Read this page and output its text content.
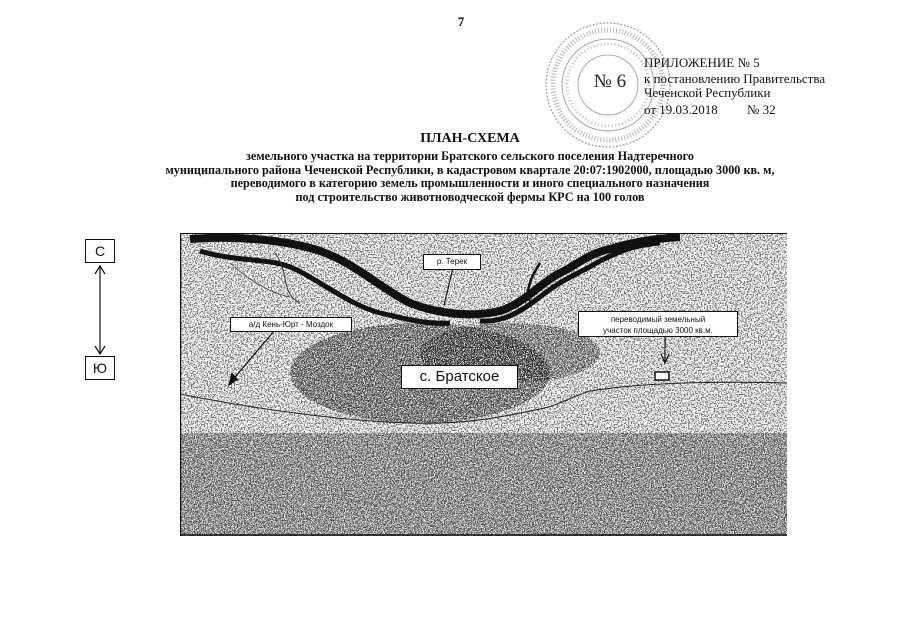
7
№ 6
ПРИЛОЖЕНИЕ № 5
к постановлению Правительства
Чеченской Республики
от 19.03.2018 № 32
ПЛАН-СХЕМА
земельного участка на территории Братского сельского поселения Надтеречного
муниципального района Чеченской Республики, в кадастровом квартале 20:07:1902000, площадью 3000 кв. м,
переводимого в категорию земель промышленности и иного специального назначения
под строительство животноводческой фермы КРС на 100 голов
С
Ю
р. Терек
а/д Кень-Юрт - Моздок
переводимый земельный
участок площадью 3000 кв.м.
с. Братское
